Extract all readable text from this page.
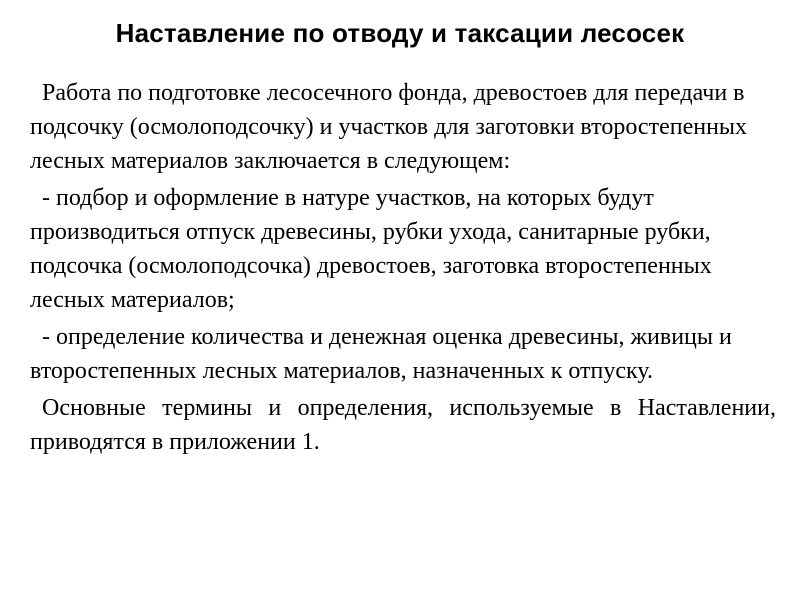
Наставление по отводу и таксации лесосек

Работа по подготовке лесосечного фонда, древостоев для передачи в подсочку (осмолоподсочку) и участков для заготовки второстепенных лесных материалов заключается в следующем:

- подбор и оформление в натуре участков, на которых будут производиться отпуск древесины, рубки ухода, санитарные рубки, подсочка (осмолоподсочка) древостоев, заготовка второстепенных лесных материалов;

- определение количества и денежная оценка древесины, живицы и второстепенных лесных материалов, назначенных к отпуску.

Основные термины и определения, используемые в Наставлении, приводятся в приложении 1.
